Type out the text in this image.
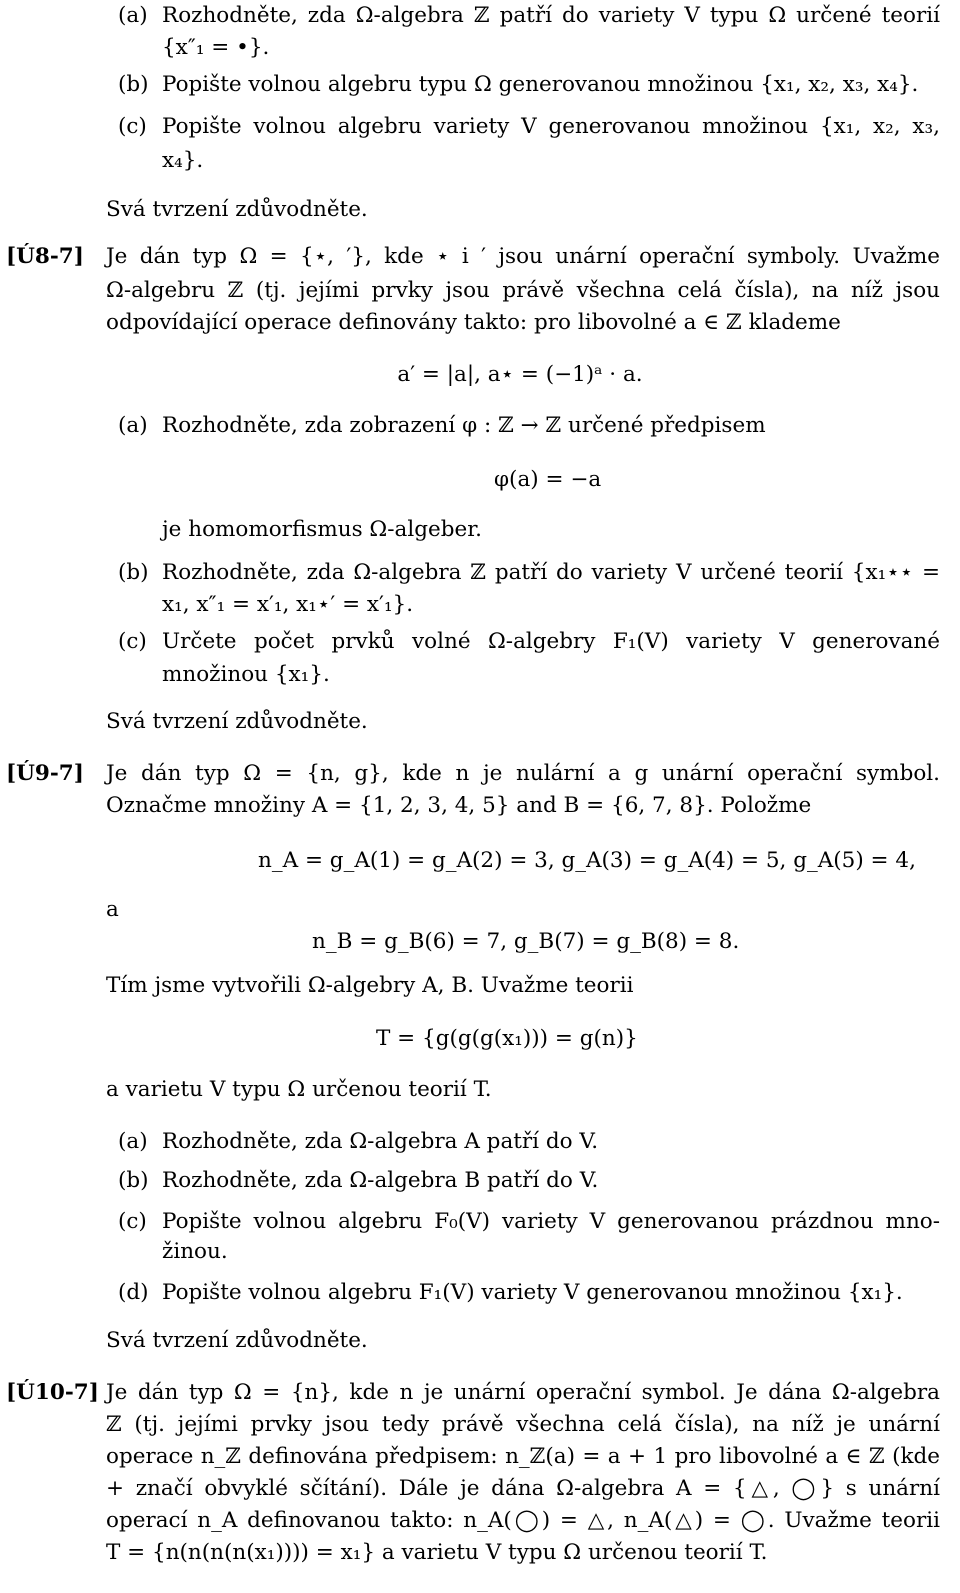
(a) Rozhodněte, zda Ω-algebra ℤ patří do variety V typu Ω určené teorií
{x″₁ = •}.
(b) Popište volnou algebru typu Ω generovanou množinou {x₁, x₂, x₃, x₄}.
(c) Popište volnou algebru variety V generovanou množinou {x₁, x₂, x₃,
x₄}.
Svá tvrzení zdůvodněte.
[Ú8-7] Je dán typ Ω = {⋆, ′}, kde ⋆ i ′ jsou unární operační symboly. Uvažme
Ω-algebru ℤ (tj. jejími prvky jsou právě všechna celá čísla), na níž jsou
odpovídající operace definovány takto: pro libovolné a ∈ ℤ klademe
a′ = |a|, a⋆ = (−1)ᵃ · a.
(a) Rozhodněte, zda zobrazení φ : ℤ → ℤ určené předpisem
φ(a) = −a
je homomorfismus Ω-algeber.
(b) Rozhodněte, zda Ω-algebra ℤ patří do variety V určené teorií {x₁⋆⋆ =
x₁, x″₁ = x′₁, x₁⋆′ = x′₁}.
(c) Určete počet prvků volné Ω-algebry F₁(V) variety V generované
množinou {x₁}.
Svá tvrzení zdůvodněte.
[Ú9-7] Je dán typ Ω = {n, g}, kde n je nulární a g unární operační symbol.
Označme množiny A = {1, 2, 3, 4, 5} and B = {6, 7, 8}. Položme
n_A = g_A(1) = g_A(2) = 3, g_A(3) = g_A(4) = 5, g_A(5) = 4,
a
n_B = g_B(6) = 7, g_B(7) = g_B(8) = 8.
Tím jsme vytvořili Ω-algebry A, B. Uvažme teorii
T = {g(g(g(x₁))) = g(n)}
a varietu V typu Ω určenou teorií T.
(a) Rozhodněte, zda Ω-algebra A patří do V.
(b) Rozhodněte, zda Ω-algebra B patří do V.
(c) Popište volnou algebru F₀(V) variety V generovanou prázdnou mno-
žinou.
(d) Popište volnou algebru F₁(V) variety V generovanou množinou {x₁}.
Svá tvrzení zdůvodněte.
[Ú10-7] Je dán typ Ω = {n}, kde n je unární operační symbol. Je dána Ω-algebra
ℤ (tj. jejími prvky jsou tedy právě všechna celá čísla), na níž je unární
operace n_ℤ definována předpisem: n_ℤ(a) = a + 1 pro libovolné a ∈ ℤ (kde
+ značí obvyklé sčítání). Dále je dána Ω-algebra A = {△, ◯} s unární
operací n_A definovanou takto: n_A(◯) = △, n_A(△) = ◯. Uvažme teorii
T = {n(n(n(n(x₁)))) = x₁} a varietu V typu Ω určenou teorií T.
